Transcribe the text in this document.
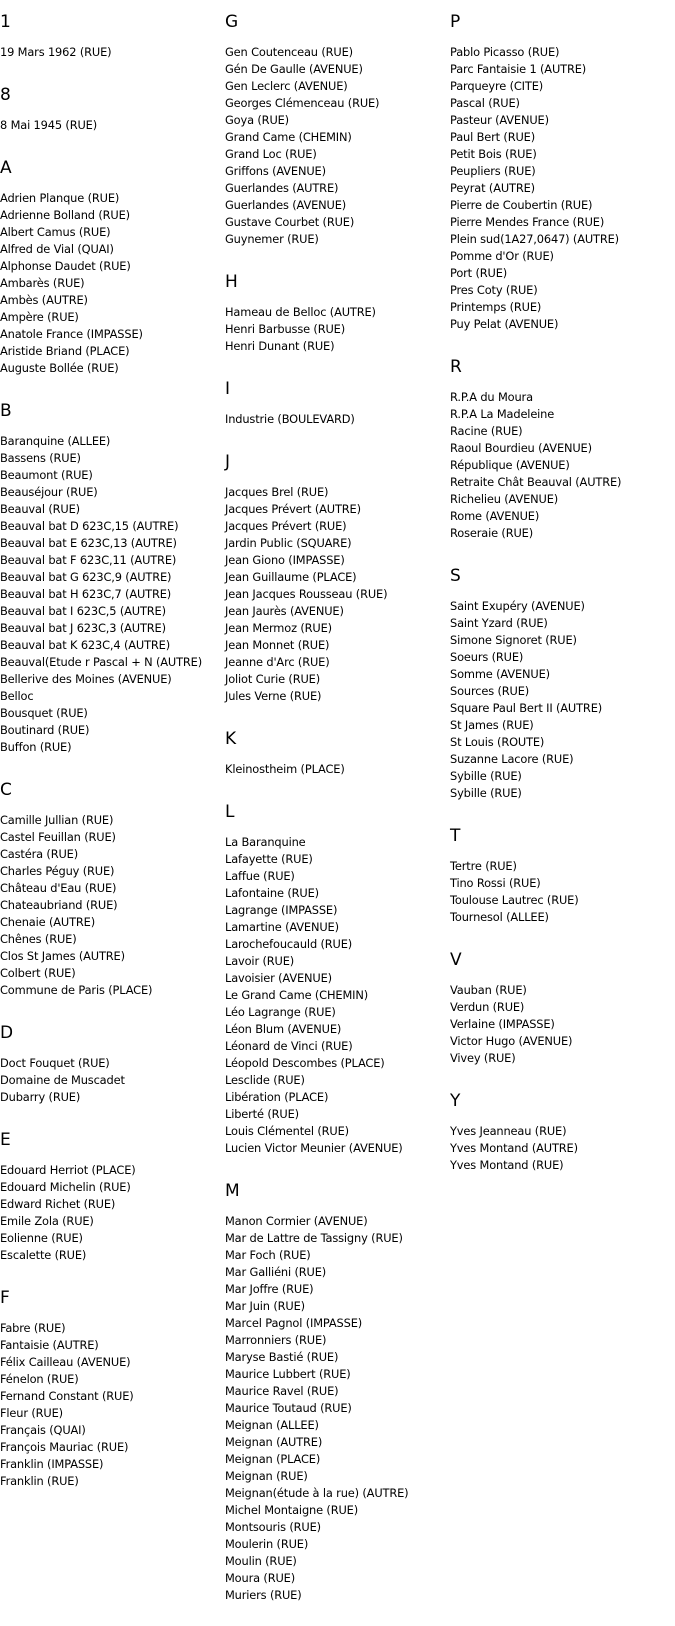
1
19 Mars 1962 (RUE)
8
8 Mai 1945 (RUE)
A
Adrien Planque (RUE)
Adrienne Bolland (RUE)
Albert Camus (RUE)
Alfred de Vial (QUAI)
Alphonse Daudet (RUE)
Ambarès (RUE)
Ambès (AUTRE)
Ampère (RUE)
Anatole France (IMPASSE)
Aristide Briand (PLACE)
Auguste Bollée (RUE)
B
Baranquine (ALLEE)
Bassens (RUE)
Beaumont (RUE)
Beauséjour (RUE)
Beauval (RUE)
Beauval bat D 623C,15 (AUTRE)
Beauval bat E 623C,13 (AUTRE)
Beauval bat F 623C,11 (AUTRE)
Beauval bat G 623C,9 (AUTRE)
Beauval bat H 623C,7 (AUTRE)
Beauval bat I 623C,5 (AUTRE)
Beauval bat J 623C,3 (AUTRE)
Beauval bat K 623C,4 (AUTRE)
Beauval(Etude r Pascal + N (AUTRE)
Bellerive des Moines (AVENUE)
Belloc
Bousquet (RUE)
Boutinard (RUE)
Buffon (RUE)
C
Camille Jullian (RUE)
Castel Feuillan (RUE)
Castéra (RUE)
Charles Péguy (RUE)
Château d'Eau (RUE)
Chateaubriand (RUE)
Chenaie (AUTRE)
Chênes (RUE)
Clos St James (AUTRE)
Colbert (RUE)
Commune de Paris (PLACE)
D
Doct Fouquet (RUE)
Domaine de Muscadet
Dubarry (RUE)
E
Edouard Herriot (PLACE)
Edouard Michelin (RUE)
Edward Richet (RUE)
Emile Zola (RUE)
Eolienne (RUE)
Escalette (RUE)
F
Fabre (RUE)
Fantaisie (AUTRE)
Félix Cailleau (AVENUE)
Fénelon (RUE)
Fernand Constant (RUE)
Fleur (RUE)
Français (QUAI)
François Mauriac (RUE)
Franklin (IMPASSE)
Franklin (RUE)
G
Gen Coutenceau (RUE)
Gén De Gaulle (AVENUE)
Gen Leclerc (AVENUE)
Georges Clémenceau (RUE)
Goya (RUE)
Grand Came (CHEMIN)
Grand Loc (RUE)
Griffons (AVENUE)
Guerlandes (AUTRE)
Guerlandes (AVENUE)
Gustave Courbet (RUE)
Guynemer (RUE)
H
Hameau de Belloc (AUTRE)
Henri Barbusse (RUE)
Henri Dunant (RUE)
I
Industrie (BOULEVARD)
J
Jacques Brel (RUE)
Jacques Prévert (AUTRE)
Jacques Prévert (RUE)
Jardin Public (SQUARE)
Jean Giono (IMPASSE)
Jean Guillaume (PLACE)
Jean Jacques Rousseau (RUE)
Jean Jaurès (AVENUE)
Jean Mermoz (RUE)
Jean Monnet (RUE)
Jeanne d'Arc (RUE)
Joliot Curie (RUE)
Jules Verne (RUE)
K
Kleinostheim (PLACE)
L
La Baranquine
Lafayette (RUE)
Laffue (RUE)
Lafontaine (RUE)
Lagrange (IMPASSE)
Lamartine (AVENUE)
Larochefoucauld (RUE)
Lavoir (RUE)
Lavoisier (AVENUE)
Le Grand Came (CHEMIN)
Léo Lagrange (RUE)
Léon Blum (AVENUE)
Léonard de Vinci (RUE)
Léopold Descombes (PLACE)
Lesclide (RUE)
Libération (PLACE)
Liberté (RUE)
Louis Clémentel (RUE)
Lucien Victor Meunier (AVENUE)
M
Manon Cormier (AVENUE)
Mar de Lattre de Tassigny (RUE)
Mar Foch (RUE)
Mar Galliéni (RUE)
Mar Joffre (RUE)
Mar Juin (RUE)
Marcel Pagnol (IMPASSE)
Marronniers (RUE)
Maryse Bastié (RUE)
Maurice Lubbert (RUE)
Maurice Ravel (RUE)
Maurice Toutaud (RUE)
Meignan (ALLEE)
Meignan (AUTRE)
Meignan (PLACE)
Meignan (RUE)
Meignan(étude à la rue) (AUTRE)
Michel Montaigne (RUE)
Montsouris (RUE)
Moulerin (RUE)
Moulin (RUE)
Moura (RUE)
Muriers (RUE)
P
Pablo Picasso (RUE)
Parc Fantaisie 1 (AUTRE)
Parqueyre (CITE)
Pascal (RUE)
Pasteur (AVENUE)
Paul Bert (RUE)
Petit Bois (RUE)
Peupliers (RUE)
Peyrat (AUTRE)
Pierre de Coubertin (RUE)
Pierre Mendes France (RUE)
Plein sud(1A27,0647) (AUTRE)
Pomme d'Or (RUE)
Port (RUE)
Pres Coty (RUE)
Printemps (RUE)
Puy Pelat (AVENUE)
R
R.P.A du Moura
R.P.A La Madeleine
Racine (RUE)
Raoul Bourdieu (AVENUE)
République (AVENUE)
Retraite Chât Beauval (AUTRE)
Richelieu (AVENUE)
Rome (AVENUE)
Roseraie (RUE)
S
Saint Exupéry (AVENUE)
Saint Yzard (RUE)
Simone Signoret (RUE)
Soeurs (RUE)
Somme (AVENUE)
Sources (RUE)
Square Paul Bert II (AUTRE)
St James (RUE)
St Louis (ROUTE)
Suzanne Lacore (RUE)
Sybille (RUE)
Sybille (RUE)
T
Tertre (RUE)
Tino Rossi (RUE)
Toulouse Lautrec (RUE)
Tournesol (ALLEE)
V
Vauban (RUE)
Verdun (RUE)
Verlaine (IMPASSE)
Victor Hugo (AVENUE)
Vivey (RUE)
Y
Yves Jeanneau (RUE)
Yves Montand (AUTRE)
Yves Montand (RUE)
